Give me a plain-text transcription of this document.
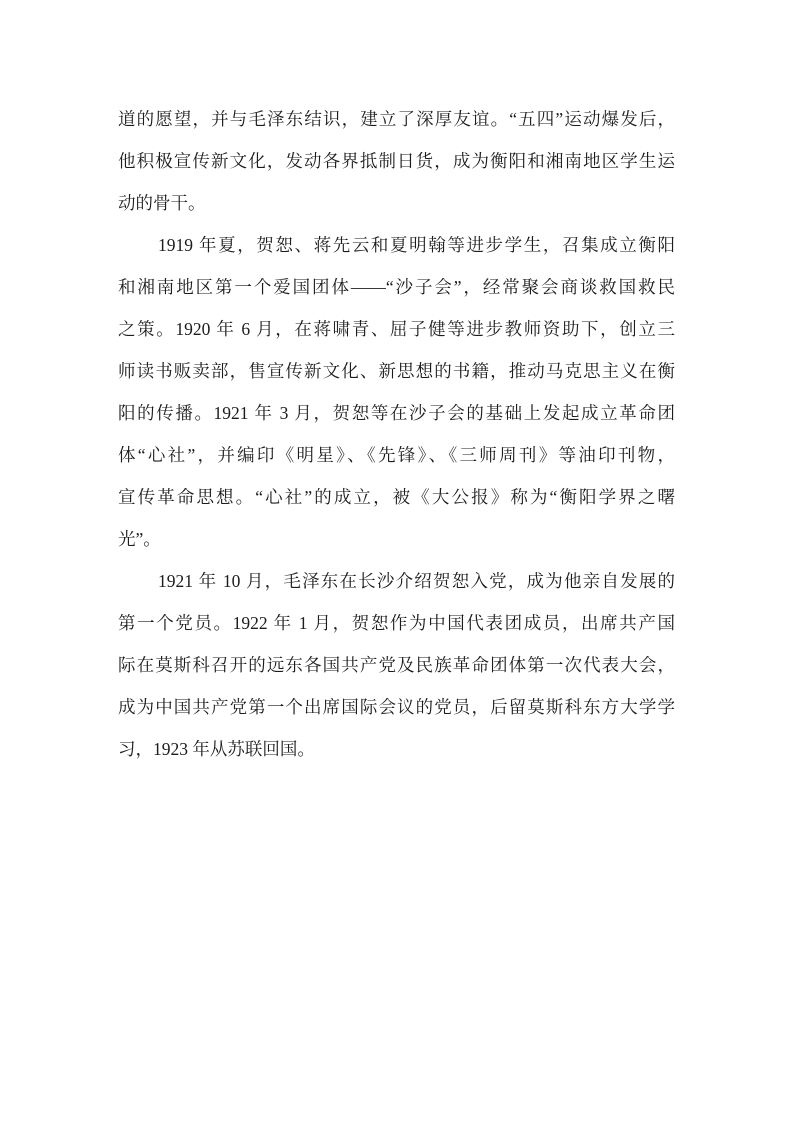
道的愿望，并与毛泽东结识，建立了深厚友谊。“五四”运动爆发后，
他积极宣传新文化，发动各界抵制日货，成为衡阳和湘南地区学生运
动的骨干。
1919 年夏，贺恕、蒋先云和夏明翰等进步学生，召集成立衡阳
和湘南地区第一个爱国团体——“沙子会”，经常聚会商谈救国救民
之策。1920 年 6 月，在蒋啸青、屈子健等进步教师资助下，创立三
师读书贩卖部，售宣传新文化、新思想的书籍，推动马克思主义在衡
阳的传播。1921 年 3 月，贺恕等在沙子会的基础上发起成立革命团
体“心社”，并编印《明星》、《先锋》、《三师周刊》等油印刊物，
宣传革命思想。“心社”的成立，被《大公报》称为“衡阳学界之曙
光”。
1921 年 10 月，毛泽东在长沙介绍贺恕入党，成为他亲自发展的
第一个党员。1922 年 1 月，贺恕作为中国代表团成员，出席共产国
际在莫斯科召开的远东各国共产党及民族革命团体第一次代表大会，
成为中国共产党第一个出席国际会议的党员，后留莫斯科东方大学学
习，1923 年从苏联回国。
